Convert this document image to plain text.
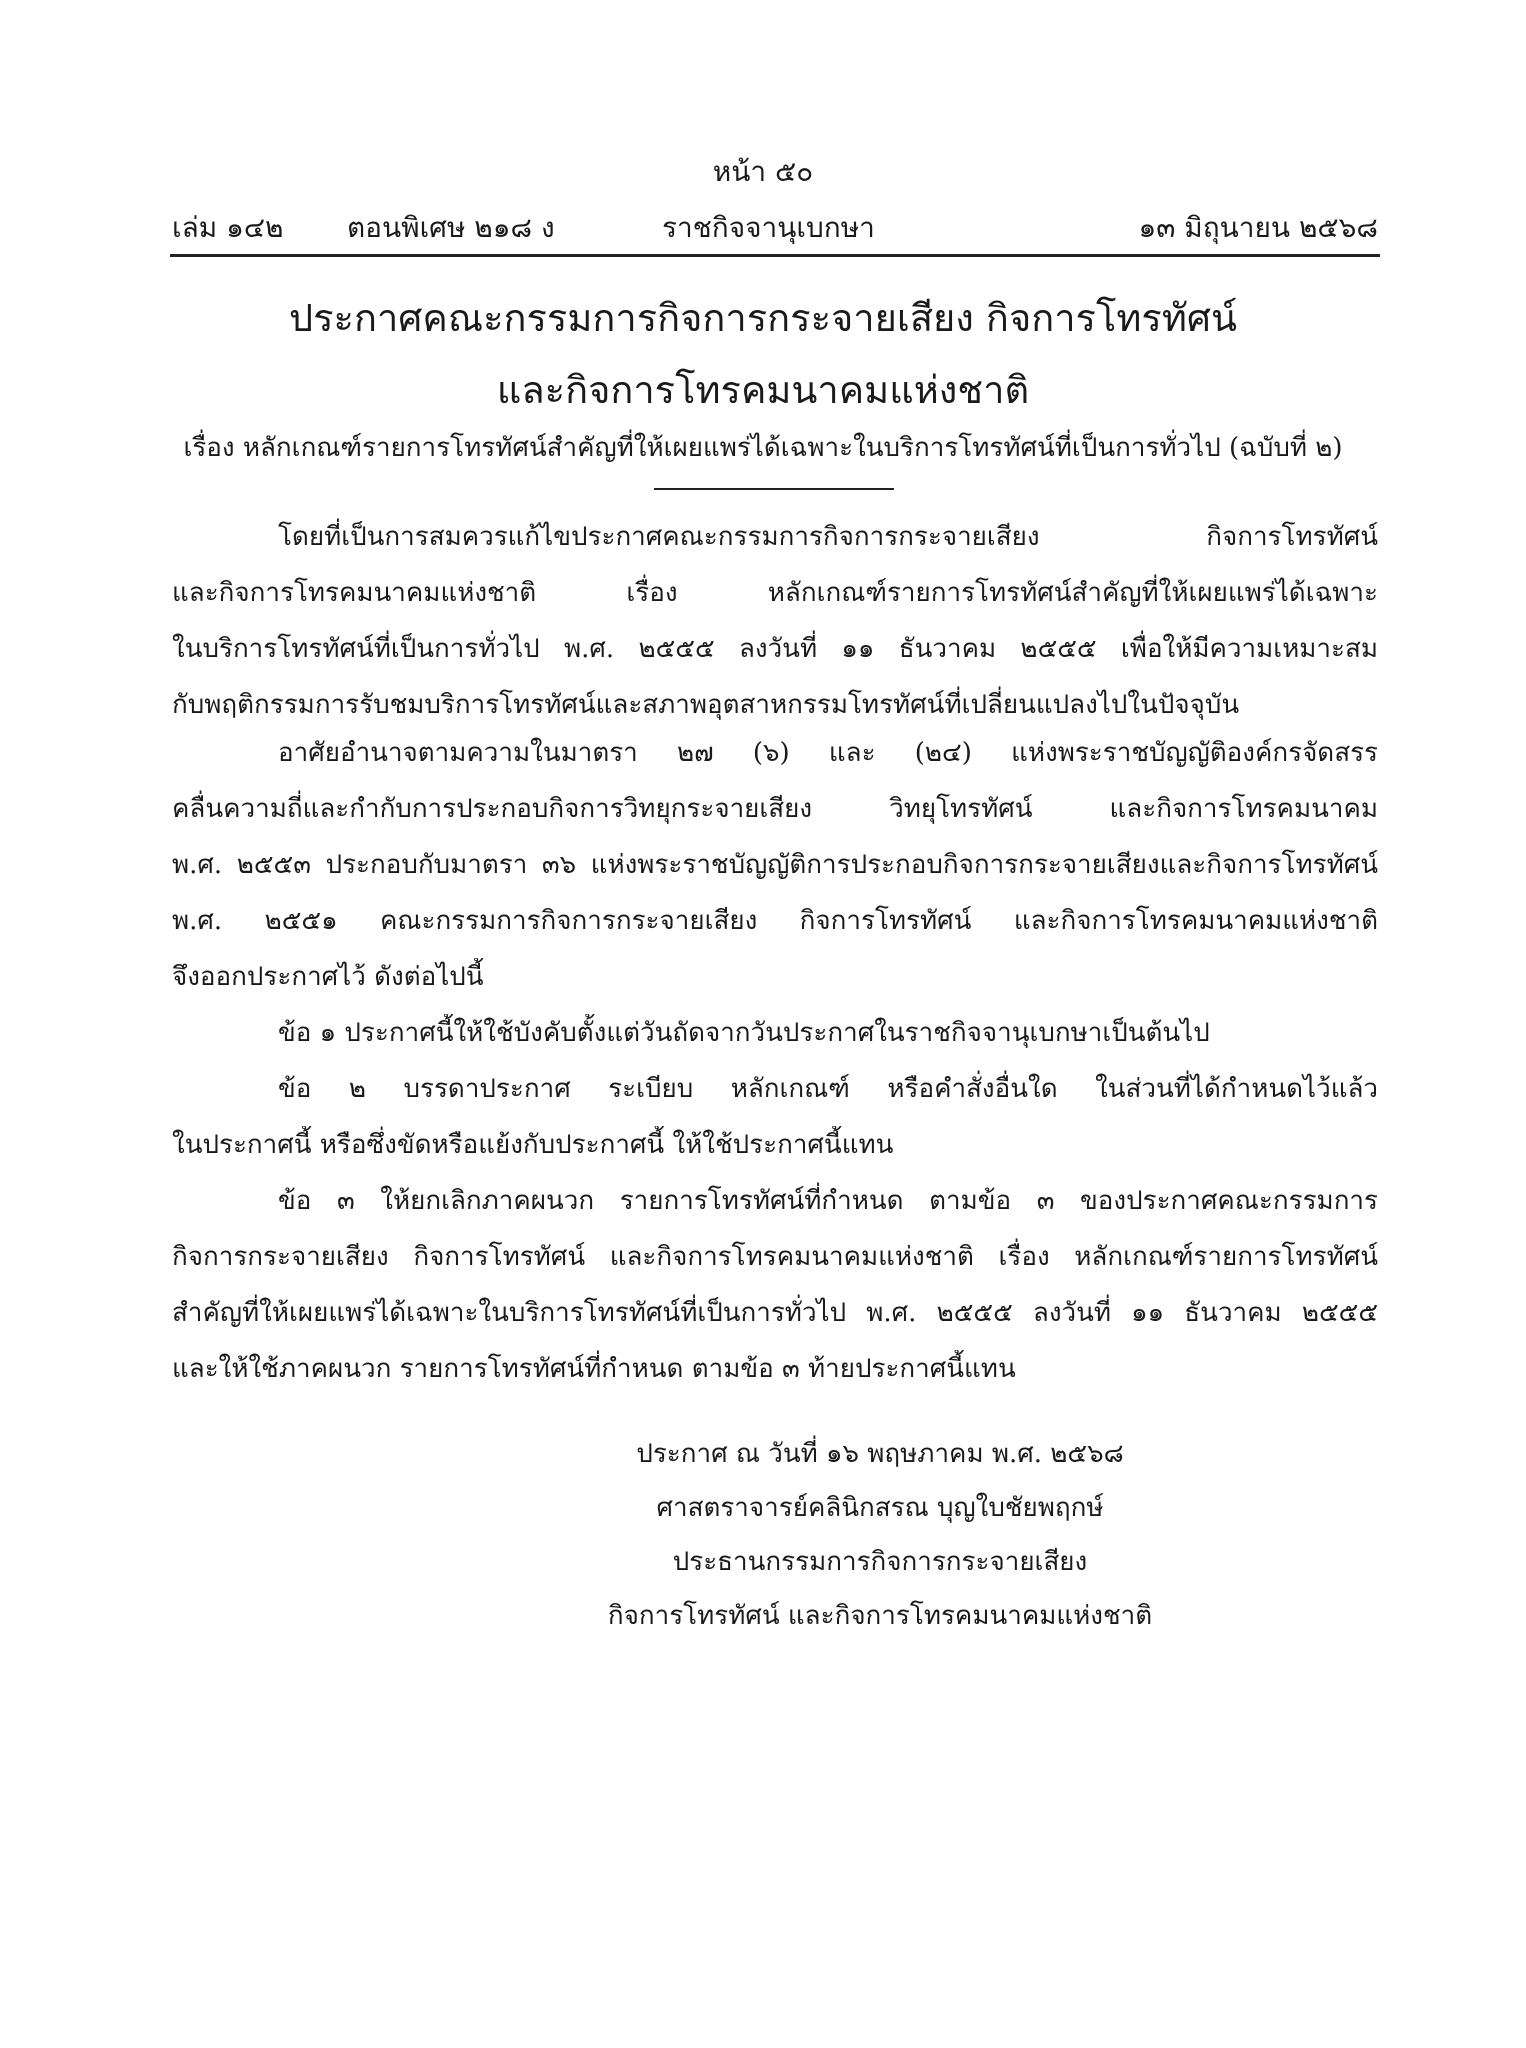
หน้า ๕๐
เล่ม ๑๔๒ ตอนพิเศษ ๒๑๘ ง	ราชกิจจานุเบกษา	๑๓ มิถุนายน ๒๕๖๘
ประกาศคณะกรรมการกิจการกระจายเสียง กิจการโทรทัศน์
และกิจการโทรคมนาคมแห่งชาติ
เรื่อง หลักเกณฑ์รายการโทรทัศน์สำคัญที่ให้เผยแพร่ได้เฉพาะในบริการโทรทัศน์ที่เป็นการทั่วไป (ฉบับที่ ๒)
โดยที่เป็นการสมควรแก้ไขประกาศคณะกรรมการกิจการกระจายเสียง กิจการโทรทัศน์
และกิจการโทรคมนาคมแห่งชาติ เรื่อง หลักเกณฑ์รายการโทรทัศน์สำคัญที่ให้เผยแพร่ได้เฉพาะ
ในบริการโทรทัศน์ที่เป็นการทั่วไป พ.ศ. ๒๕๕๕ ลงวันที่ ๑๑ ธันวาคม ๒๕๕๕ เพื่อให้มีความเหมาะสม
กับพฤติกรรมการรับชมบริการโทรทัศน์และสภาพอุตสาหกรรมโทรทัศน์ที่เปลี่ยนแปลงไปในปัจจุบัน
อาศัยอำนาจตามความในมาตรา ๒๗ (๖) และ (๒๔) แห่งพระราชบัญญัติองค์กรจัดสรร
คลื่นความถี่และกำกับการประกอบกิจการวิทยุกระจายเสียง วิทยุโทรทัศน์ และกิจการโทรคมนาคม
พ.ศ. ๒๕๕๓ ประกอบกับมาตรา ๓๖ แห่งพระราชบัญญัติการประกอบกิจการกระจายเสียงและกิจการโทรทัศน์
พ.ศ. ๒๕๕๑ คณะกรรมการกิจการกระจายเสียง กิจการโทรทัศน์ และกิจการโทรคมนาคมแห่งชาติ
จึงออกประกาศไว้ ดังต่อไปนี้
ข้อ ๑ ประกาศนี้ให้ใช้บังคับตั้งแต่วันถัดจากวันประกาศในราชกิจจานุเบกษาเป็นต้นไป
ข้อ ๒ บรรดาประกาศ ระเบียบ หลักเกณฑ์ หรือคำสั่งอื่นใด ในส่วนที่ได้กำหนดไว้แล้ว
ในประกาศนี้ หรือซึ่งขัดหรือแย้งกับประกาศนี้ ให้ใช้ประกาศนี้แทน
ข้อ ๓ ให้ยกเลิกภาคผนวก รายการโทรทัศน์ที่กำหนด ตามข้อ ๓ ของประกาศคณะกรรมการ
กิจการกระจายเสียง กิจการโทรทัศน์ และกิจการโทรคมนาคมแห่งชาติ เรื่อง หลักเกณฑ์รายการโทรทัศน์
สำคัญที่ให้เผยแพร่ได้เฉพาะในบริการโทรทัศน์ที่เป็นการทั่วไป พ.ศ. ๒๕๕๕ ลงวันที่ ๑๑ ธันวาคม ๒๕๕๕
และให้ใช้ภาคผนวก รายการโทรทัศน์ที่กำหนด ตามข้อ ๓ ท้ายประกาศนี้แทน
ประกาศ ณ วันที่ ๑๖ พฤษภาคม พ.ศ. ๒๕๖๘
ศาสตราจารย์คลินิกสรณ บุญใบชัยพฤกษ์
ประธานกรรมการกิจการกระจายเสียง
กิจการโทรทัศน์ และกิจการโทรคมนาคมแห่งชาติ
